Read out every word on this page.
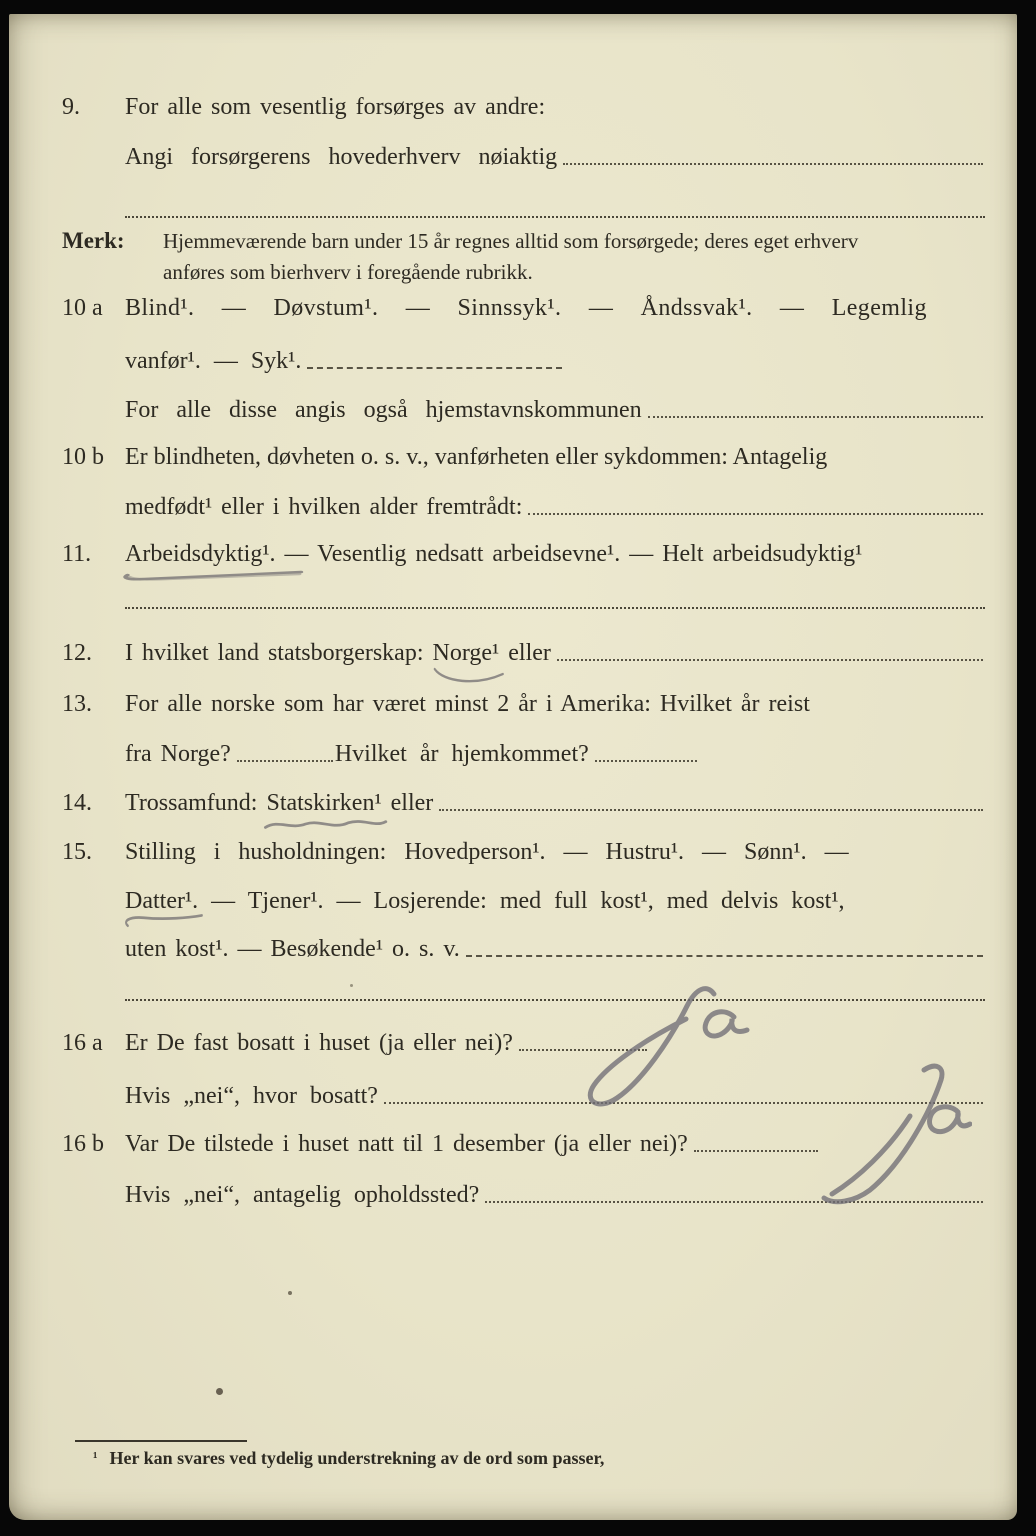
9.	For alle som vesentlig forsørges av andre:
Angi forsørgerens hovederhverv nøiaktig
Merk:	Hjemmeværende barn under 15 år regnes alltid som forsørgede; deres eget erhverv
anføres som bierhverv i foregående rubrikk.
10 a Blind¹. — Døvstum¹. — Sinnssyk¹. — Åndssvak¹. — Legemlig
vanfør¹. — Syk¹.
For alle disse angis også hjemstavnskommunen
10 b Er blindheten, døvheten o. s. v., vanførheten eller sykdommen: Antagelig
medfødt¹ eller i hvilken alder fremtrådt:
11.	Arbeidsdyktig¹. — Vesentlig nedsatt arbeidsevne¹. — Helt arbeidsudyktig¹
12.	I hvilket land statsborgerskap: Norge¹ eller
13.	For alle norske som har været minst 2 år i Amerika: Hvilket år reist
fra Norge?	Hvilket år hjemkommet?
14.	Trossamfund: Statskirken¹ eller
15.	Stilling i husholdningen: Hovedperson¹. — Hustru¹. — Sønn¹. —
Datter¹. — Tjener¹. — Losjerende: med full kost¹, med delvis kost¹,
uten kost¹. — Besøkende¹ o. s. v.
16 a Er De fast bosatt i huset (ja eller nei)?
Hvis „nei“, hvor bosatt?
16 b Var De tilstede i huset natt til 1 desember (ja eller nei)?
Hvis „nei“, antagelig opholdssted?
¹ Her kan svares ved tydelig understrekning av de ord som passer,
